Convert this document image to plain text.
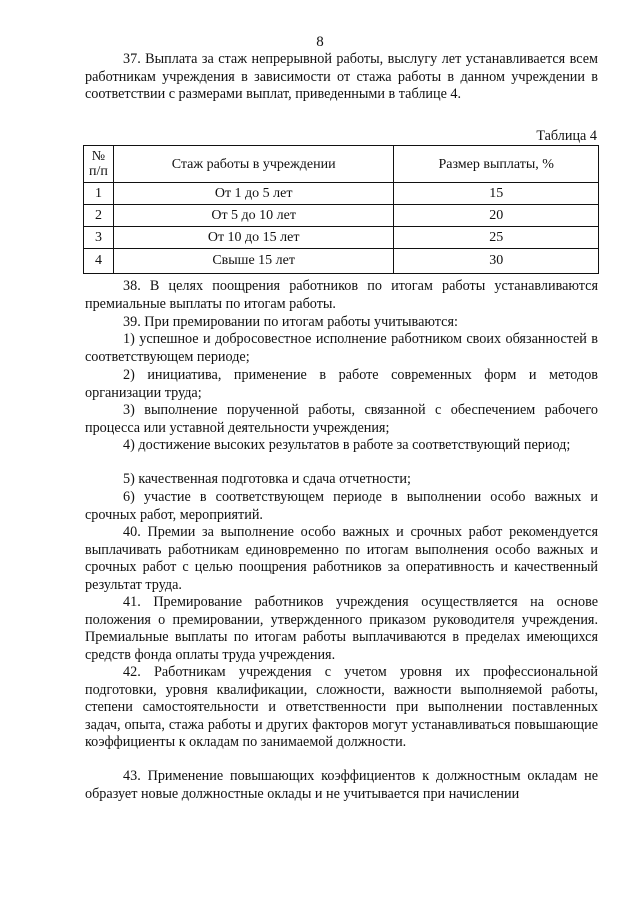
8
37. Выплата за стаж непрерывной работы, выслугу лет устанавливается всем работникам учреждения в зависимости от стажа работы в данном учреждении в соответствии с размерами выплат, приведенными в таблице 4.
Таблица 4
№
п/п	Стаж работы в учреждении	Размер выплаты, %
1	От 1 до 5 лет	15
2	От 5 до 10 лет	20
3	От 10 до 15 лет	25
4	Свыше 15 лет	30
38. В целях поощрения работников по итогам работы устанавливаются премиальные выплаты по итогам работы.
39. При премировании по итогам работы учитываются:
1) успешное и добросовестное исполнение работником своих обязанностей в соответствующем периоде;
2) инициатива, применение в работе современных форм и методов организации труда;
3) выполнение порученной работы, связанной с обеспечением рабочего процесса или уставной деятельности учреждения;
4) достижение высоких результатов в работе за соответствующий период;
5) качественная подготовка и сдача отчетности;
6) участие в соответствующем периоде в выполнении особо важных и срочных работ, мероприятий.
40. Премии за выполнение особо важных и срочных работ рекомендуется выплачивать работникам единовременно по итогам выполнения особо важных и срочных работ с целью поощрения работников за оперативность и качественный результат труда.
41. Премирование работников учреждения осуществляется на основе положения о премировании, утвержденного приказом руководителя учреждения. Премиальные выплаты по итогам работы выплачиваются в пределах имеющихся средств фонда оплаты труда учреждения.
42. Работникам учреждения с учетом уровня их профессиональной подготовки, уровня квалификации, сложности, важности выполняемой работы, степени самостоятельности и ответственности при выполнении поставленных задач, опыта, стажа работы и других факторов могут устанавливаться повышающие коэффициенты к окладам по занимаемой должности.
43. Применение повышающих коэффициентов к должностным окладам не образует новые должностные оклады и не учитывается при начислении
